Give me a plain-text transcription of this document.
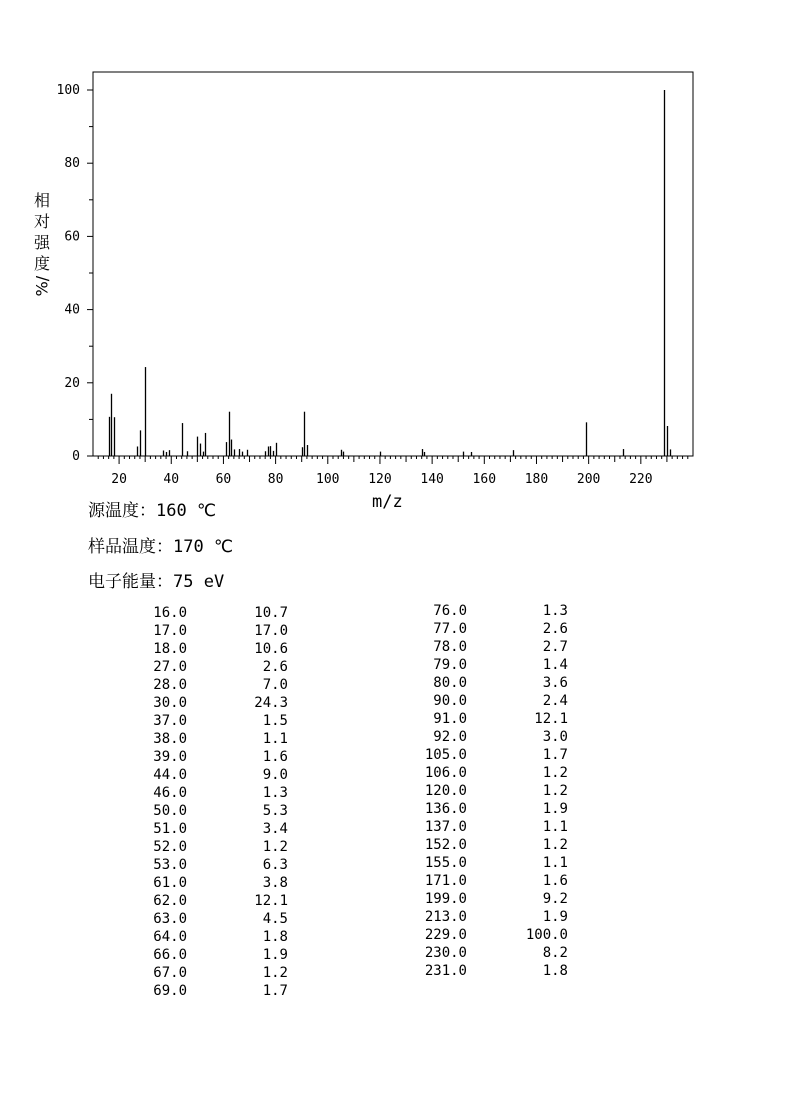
0
20
40
60
80
100
20	40	60	80	100 120 140 160 180 200 220
相
对
强
度
%/
m/z
源温度：160 ℃
样品温度：170 ℃
电子能量：75 eV
16.0	10.7
17.0	17.0
18.0	10.6
27.0	2.6
28.0	7.0
30.0	24.3
37.0	1.5
38.0	1.1
39.0	1.6
44.0	9.0
46.0	1.3
50.0	5.3
51.0	3.4
52.0	1.2
53.0	6.3
61.0	3.8
62.0	12.1
63.0	4.5
64.0	1.8
66.0	1.9
67.0	1.2
69.0	1.7
76.0	1.3
77.0	2.6
78.0	2.7
79.0	1.4
80.0	3.6
90.0	2.4
91.0	12.1
92.0	3.0
105.0	1.7
106.0	1.2
120.0	1.2
136.0	1.9
137.0	1.1
152.0	1.2
155.0	1.1
171.0	1.6
199.0	9.2
213.0	1.9
229.0	100.0
230.0	8.2
231.0	1.8
